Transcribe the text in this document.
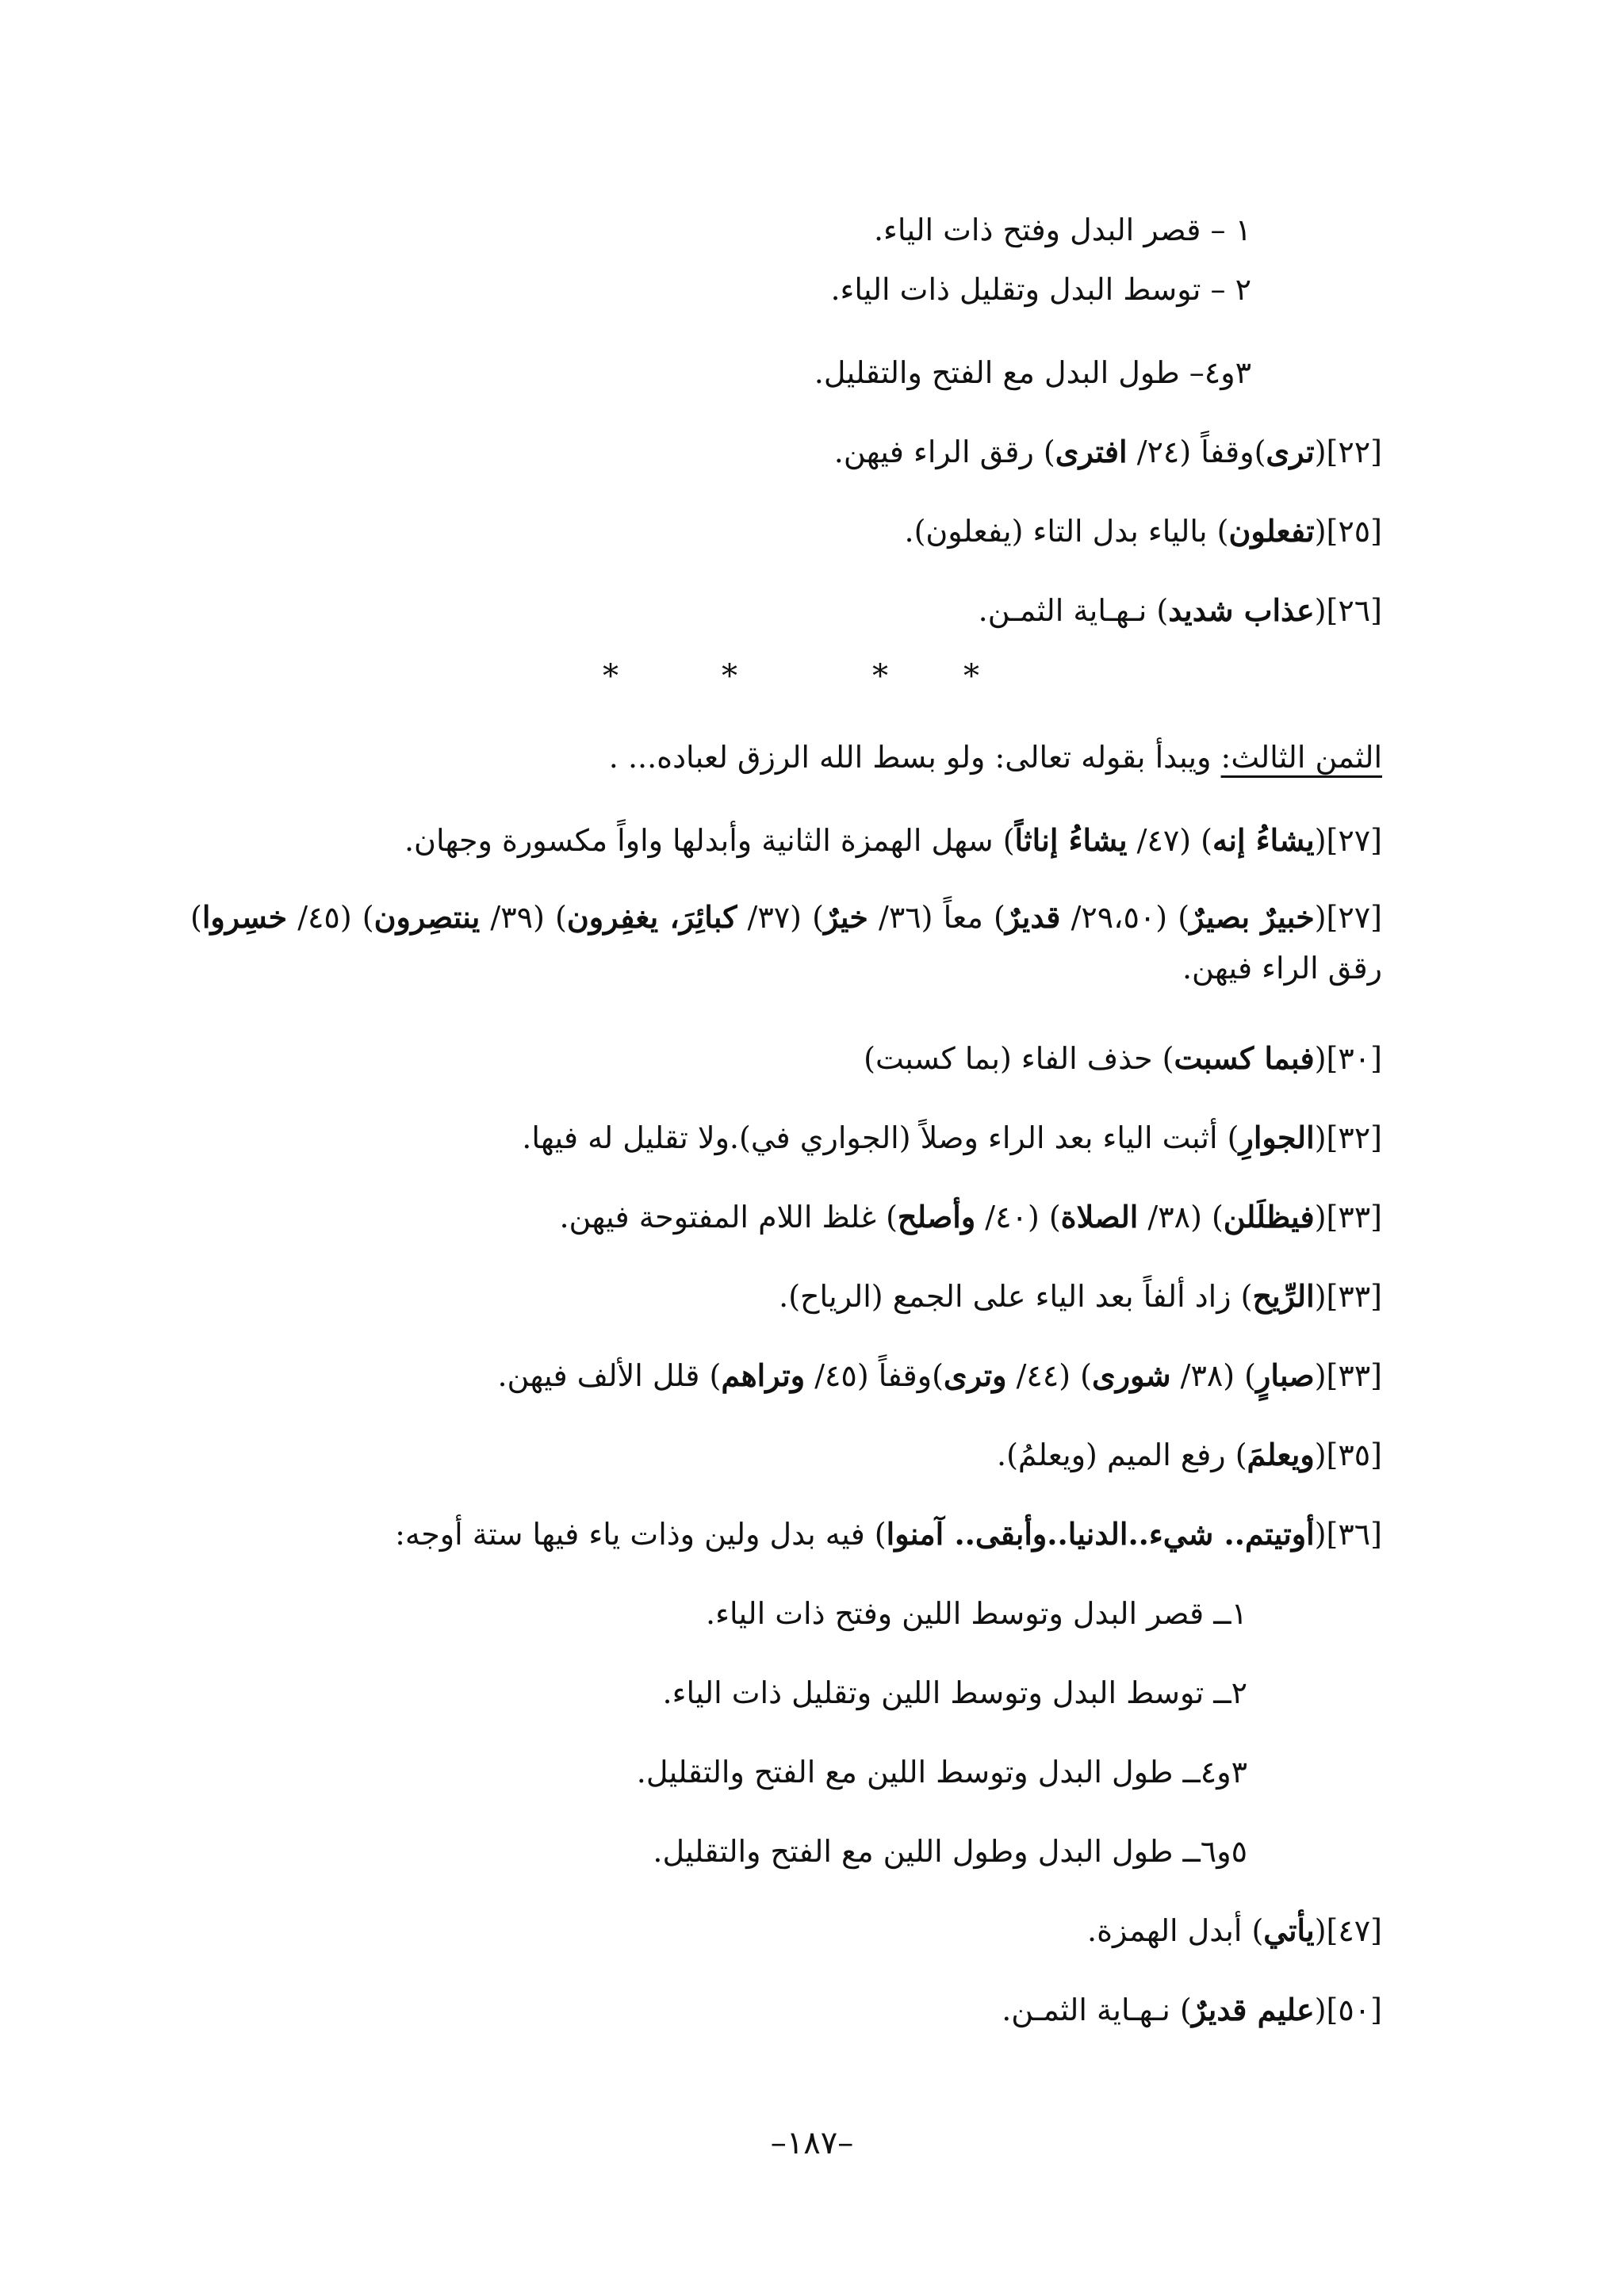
١ – قصر البدل وفتح ذات الياء.
٢ – توسط البدل وتقليل ذات الياء.
٣و٤– طول البدل مع الفتح والتقليل.
[٢٢](ترى)وقفاً (٢٤/ افترى) رقق الراء فيهن.
[٢٥](تفعلون) بالياء بدل التاء (يفعلون).
[٢٦](عذاب شديد) نـهـاية الثمـن.
*
*
*
*
الثمن الثالث: ويبدأ بقوله تعالى: ولو بسط الله الرزق لعباده... .
[٢٧](يشاءُ إنه) (٤٧/ يشاءُ إناثاً) سهل الهمزة الثانية وأبدلها واواً مكسورة وجهان.
[٢٧](خبيرٌ بصيرٌ) (٢٩،٥٠/ قديرٌ) معاً (٣٦/ خيرٌ) (٣٧/ كبائِرَ، يغفِرون) (٣٩/ ينتصِرون) (٤٥/ خسِروا) رقق الراء فيهن.
[٣٠](فبما كسبت) حذف الفاء (بما كسبت)
[٣٢](الجوارِ) أثبت الياء بعد الراء وصلاً (الجواري في).ولا تقليل له فيها.
[٣٣](فيظلَلن) (٣٨/ الصلاة) (٤٠/ وأصلح) غلظ اللام المفتوحة فيهن.
[٣٣](الرِّيح) زاد ألفاً بعد الياء على الجمع (الرياح).
[٣٣](صبارٍ) (٣٨/ شورى) (٤٤/ وترى)وقفاً (٤٥/ وتراهم) قلل الألف فيهن.
[٣٥](ويعلمَ) رفع الميم (ويعلمُ).
[٣٦](أوتيتم.. شيء..الدنيا..وأبقى.. آمنوا) فيه بدل ولين وذات ياء فيها ستة أوجه:
١ــ قصر البدل وتوسط اللين وفتح ذات الياء.
٢ــ توسط البدل وتوسط اللين وتقليل ذات الياء.
٣و٤ــ طول البدل وتوسط اللين مع الفتح والتقليل.
٥و٦ــ طول البدل وطول اللين مع الفتح والتقليل.
[٤٧](يأتي) أبدل الهمزة.
[٥٠](عليم قديرٌ) نـهـاية الثمـن.
–١٨٧–
